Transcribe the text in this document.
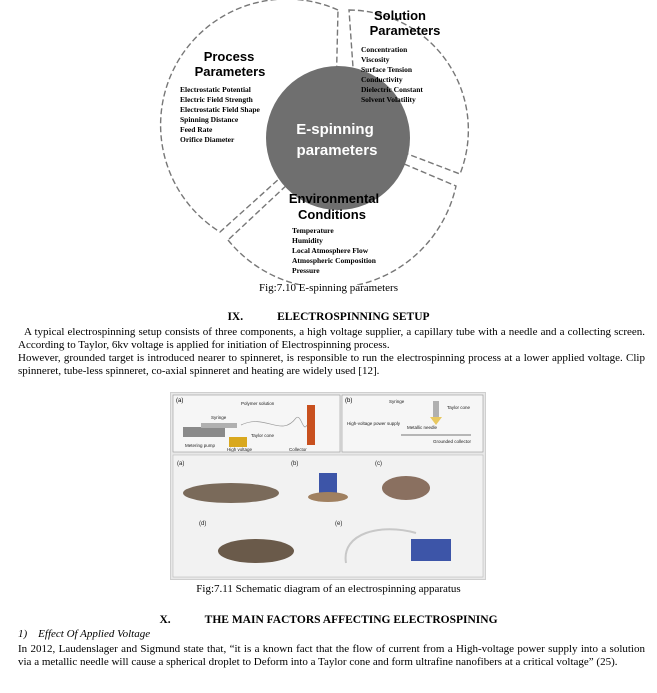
E-spinning
parameters
Solution
Parameters
Concentration
Viscosity
Surface Tension
Conductivity
Dielectric Constant
Solvent Volatility
Process
Parameters
Electrostatic Potential
Electric Field Strength
Electrostatic Field Shape
Spinning Distance
Feed Rate
Orifice Diameter
Environmental
Conditions
Temperature
Humidity
Local Atmosphere Flow
Atmospheric Composition
Pressure
Fig:7.10 E-spinning parameters
IX.	ELECTROSPINNING SETUP

A typical electrospinning setup consists of three components, a high voltage supplier, a capillary tube with a needle and a collecting screen. According to Taylor, 6kv voltage is applied for initiation of Electrospinning process.

However, grounded target is introduced nearer to spinneret, is responsible to run the electrospinning process at a lower applied voltage. Clip spinneret, tube-less spinneret, co-axial spinneret and heating are widely used [12].

(a)	Polymer solution
Syringe
Taylor cone
Metering pump
High voltage	Collector
(b)	Syringe
Taylor cone
High-voltage power supply
Metallic needle
Grounded collector
(a)	(b)	(c)
(d)	(e)
Fig:7.11 Schematic diagram of an electrospinning apparatus
X.	THE MAIN FACTORS AFFECTING ELECTROSPINING
1)    Effect Of Applied Voltage

In 2012, Laudenslager and Sigmund state that, “it is a known fact that the flow of current from a High-voltage power supply into a solution via a metallic needle will cause a spherical droplet to Deform into a Taylor cone and form ultrafine nanofibers at a critical voltage” (25).
